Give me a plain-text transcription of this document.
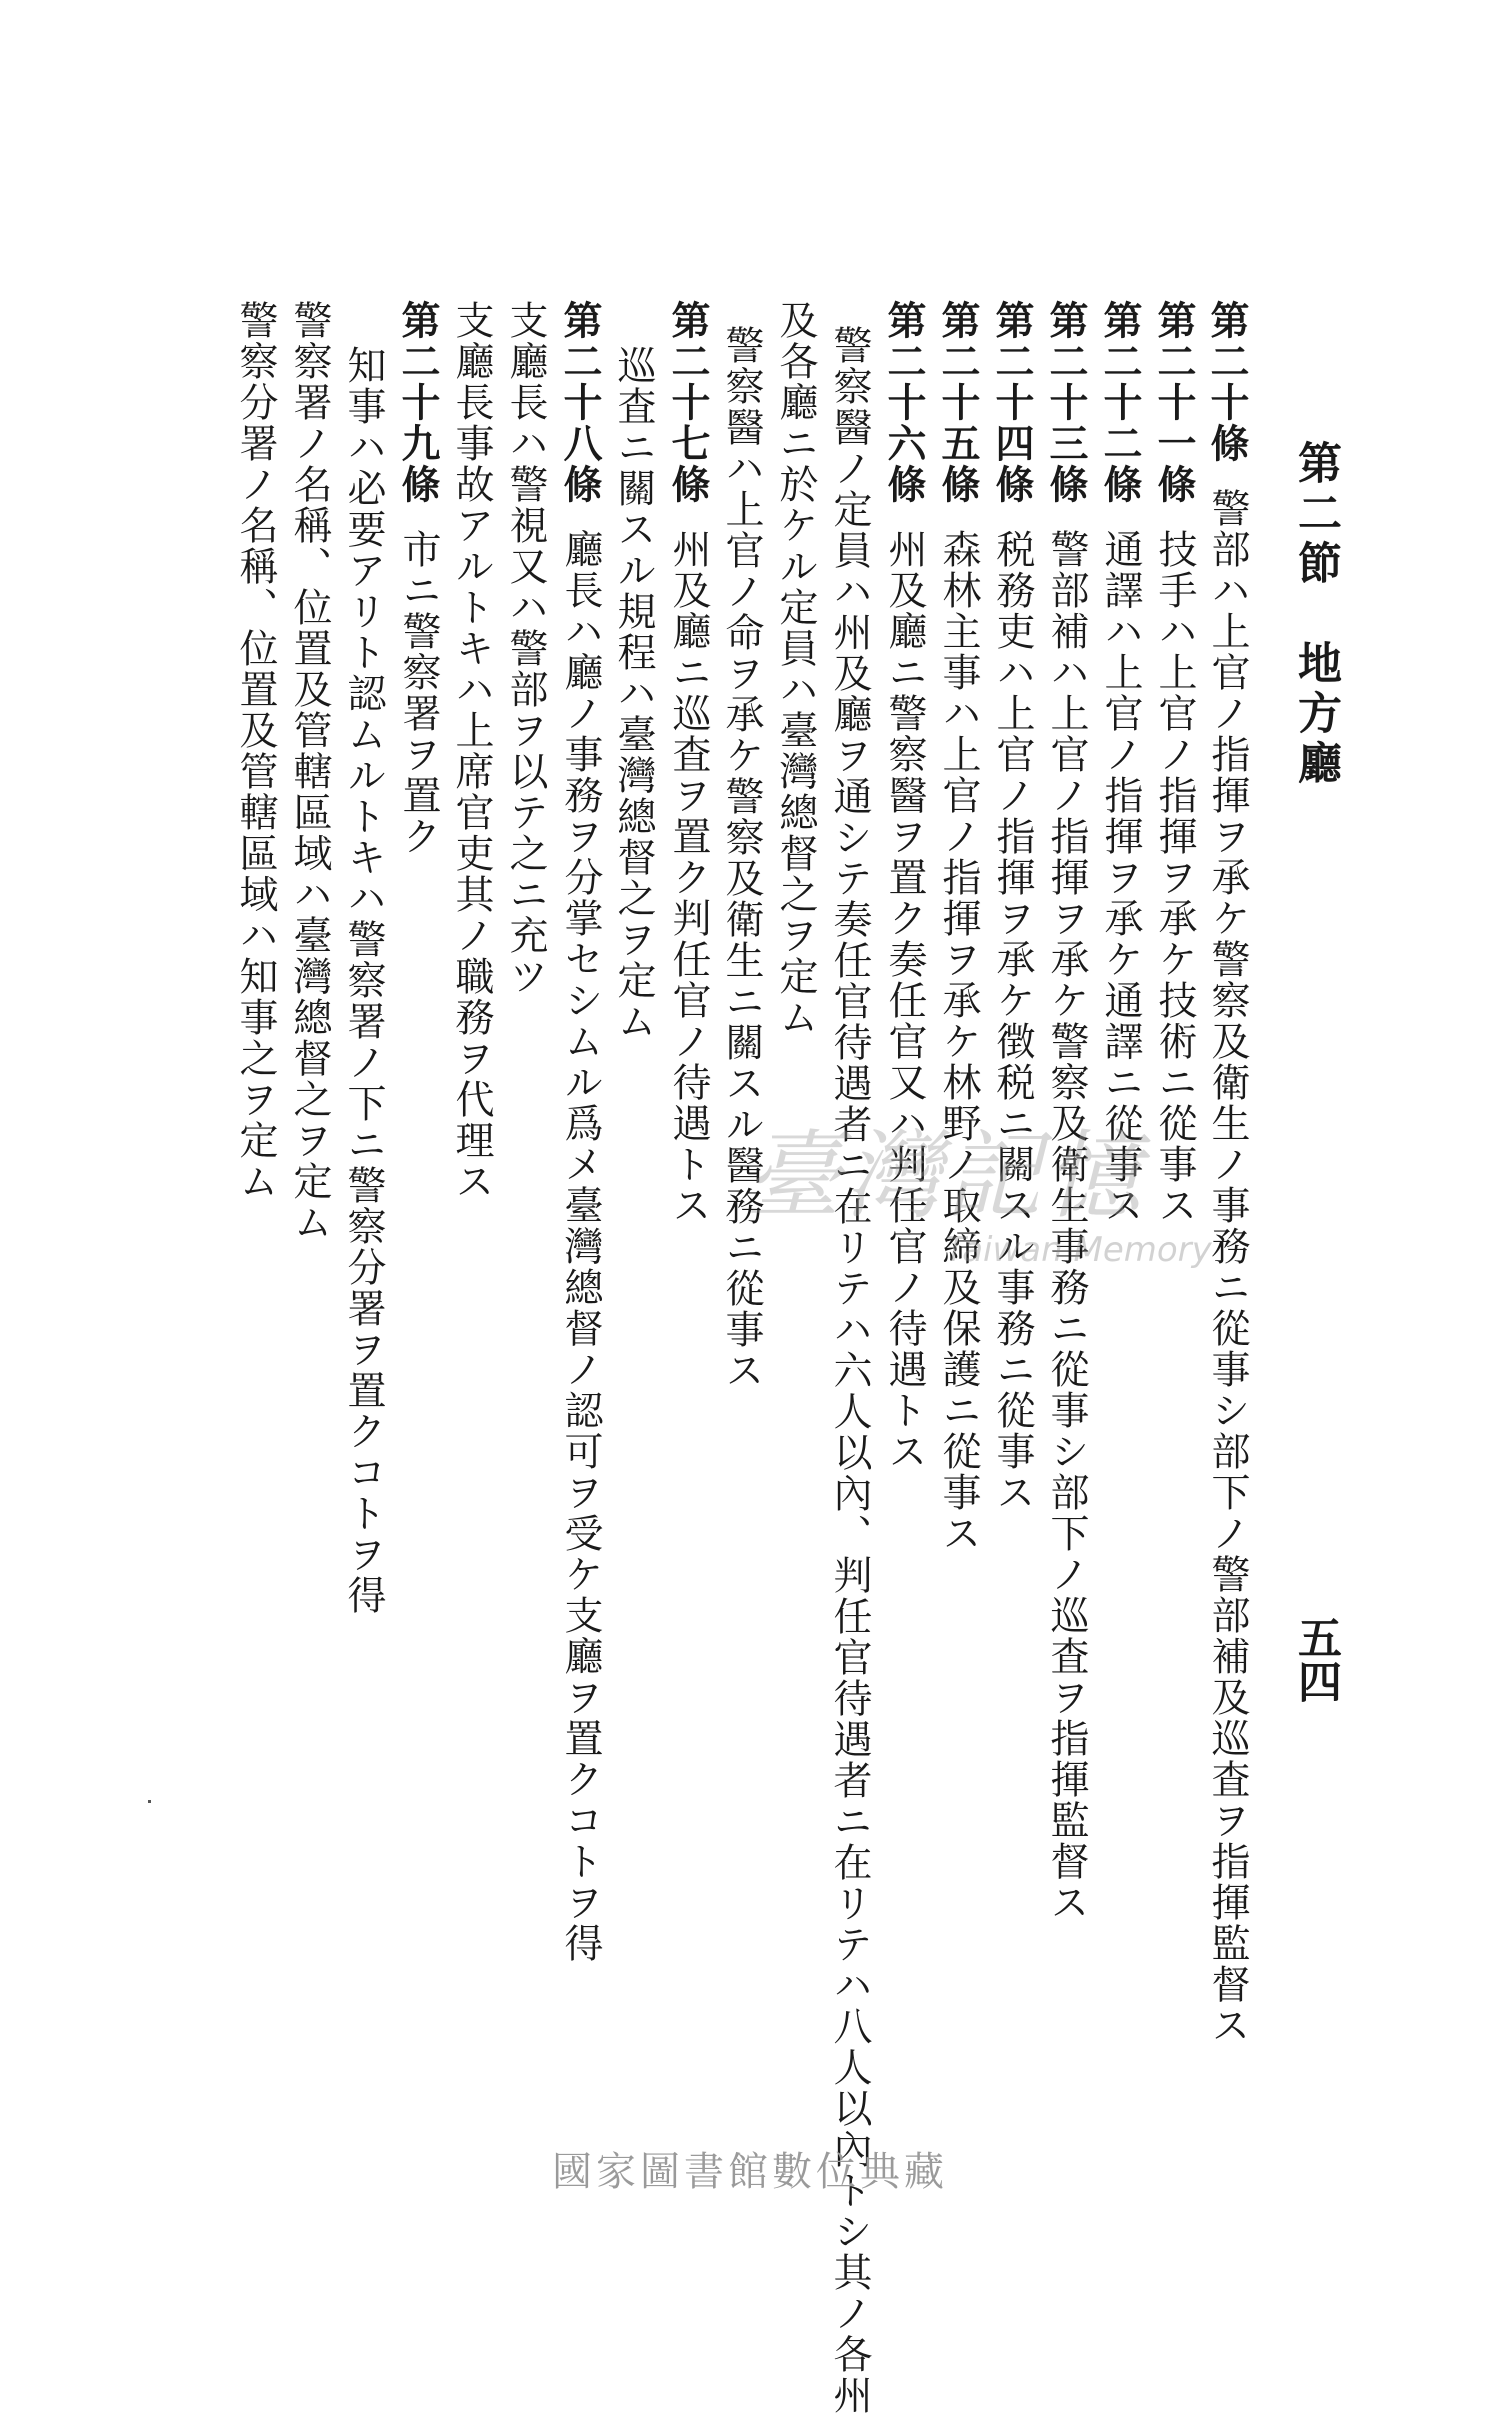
第二節　地方廳
五四
第二十條警部ハ上官ノ指揮ヲ承ケ警察及衛生ノ事務ニ從事シ部下ノ警部補及巡査ヲ指揮監督ス
第二十一條技手ハ上官ノ指揮ヲ承ケ技術ニ從事ス
第二十二條通譯ハ上官ノ指揮ヲ承ケ通譯ニ從事ス
第二十三條警部補ハ上官ノ指揮ヲ承ケ警察及衛生事務ニ從事シ部下ノ巡査ヲ指揮監督ス
第二十四條税務吏ハ上官ノ指揮ヲ承ケ徴税ニ關スル事務ニ從事ス
第二十五條森林主事ハ上官ノ指揮ヲ承ケ林野ノ取締及保護ニ從事ス
第二十六條州及廳ニ警察醫ヲ置ク奏任官又ハ判任官ノ待遇トス
警察醫ノ定員ハ州及廳ヲ通シテ奏任官待遇者ニ在リテハ六人以內、判任官待遇者ニ在リテハ八人以內トシ其ノ各州
及各廳ニ於ケル定員ハ臺灣總督之ヲ定ム
警察醫ハ上官ノ命ヲ承ケ警察及衛生ニ關スル醫務ニ從事ス
第二十七條州及廳ニ巡査ヲ置ク判任官ノ待遇トス
巡査ニ關スル規程ハ臺灣總督之ヲ定ム
第二十八條廳長ハ廳ノ事務ヲ分掌セシムル爲メ臺灣總督ノ認可ヲ受ケ支廳ヲ置クコトヲ得
支廳長ハ警視又ハ警部ヲ以テ之ニ充ツ
支廳長事故アルトキハ上席官吏其ノ職務ヲ代理ス
第二十九條市ニ警察署ヲ置ク
知事ハ必要アリト認ムルトキハ警察署ノ下ニ警察分署ヲ置クコトヲ得
警察署ノ名稱、位置及管轄區域ハ臺灣總督之ヲ定ム
警察分署ノ名稱、位置及管轄區域ハ知事之ヲ定ム	臺灣記憶
Taiwan Memory
國家圖書館數位典藏
